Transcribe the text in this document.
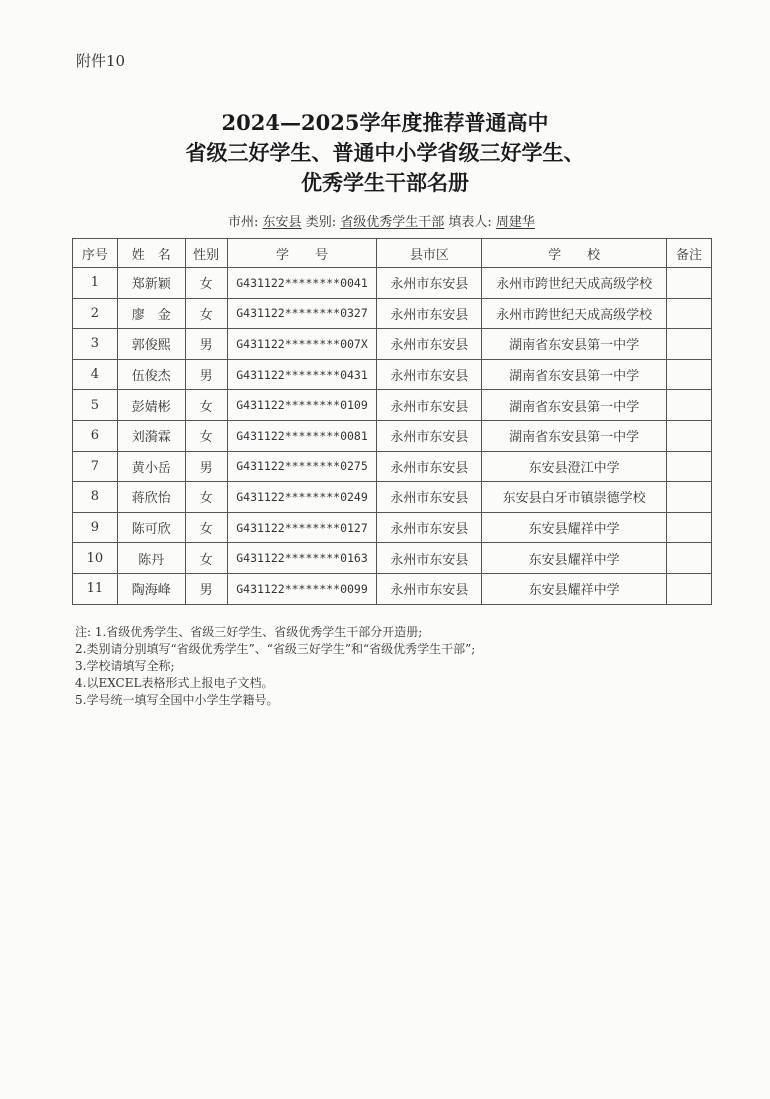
附件10
2024—2025学年度推荐普通高中
省级三好学生、普通中小学省级三好学生、
优秀学生干部名册
市州: 东安县 类别: 省级优秀学生干部 填表人: 周建华
序号	姓　名	性别	学　　号	县市区	学　　校	备注
1	郑新颖	女	G431122********0041	永州市东安县	永州市跨世纪天成高级学校	
2	廖　金	女	G431122********0327	永州市东安县	永州市跨世纪天成高级学校	
3	郭俊熙	男	G431122********007X	永州市东安县	湖南省东安县第一中学	
4	伍俊杰	男	G431122********0431	永州市东安县	湖南省东安县第一中学	
5	彭婧彬	女	G431122********0109	永州市东安县	湖南省东安县第一中学	
6	刘漪霖	女	G431122********0081	永州市东安县	湖南省东安县第一中学	
7	黄小岳	男	G431122********0275	永州市东安县	东安县澄江中学	
8	蒋欣怡	女	G431122********0249	永州市东安县	东安县白牙市镇崇德学校	
9	陈可欣	女	G431122********0127	永州市东安县	东安县耀祥中学	
10	陈丹	女	G431122********0163	永州市东安县	东安县耀祥中学	
11	陶海峰	男	G431122********0099	永州市东安县	东安县耀祥中学	
注: 1.省级优秀学生、省级三好学生、省级优秀学生干部分开造册;
2.类别请分别填写“省级优秀学生”、“省级三好学生”和“省级优秀学生干部”;
3.学校请填写全称;
4.以EXCEL表格形式上报电子文档。
5.学号统一填写全国中小学生学籍号。
